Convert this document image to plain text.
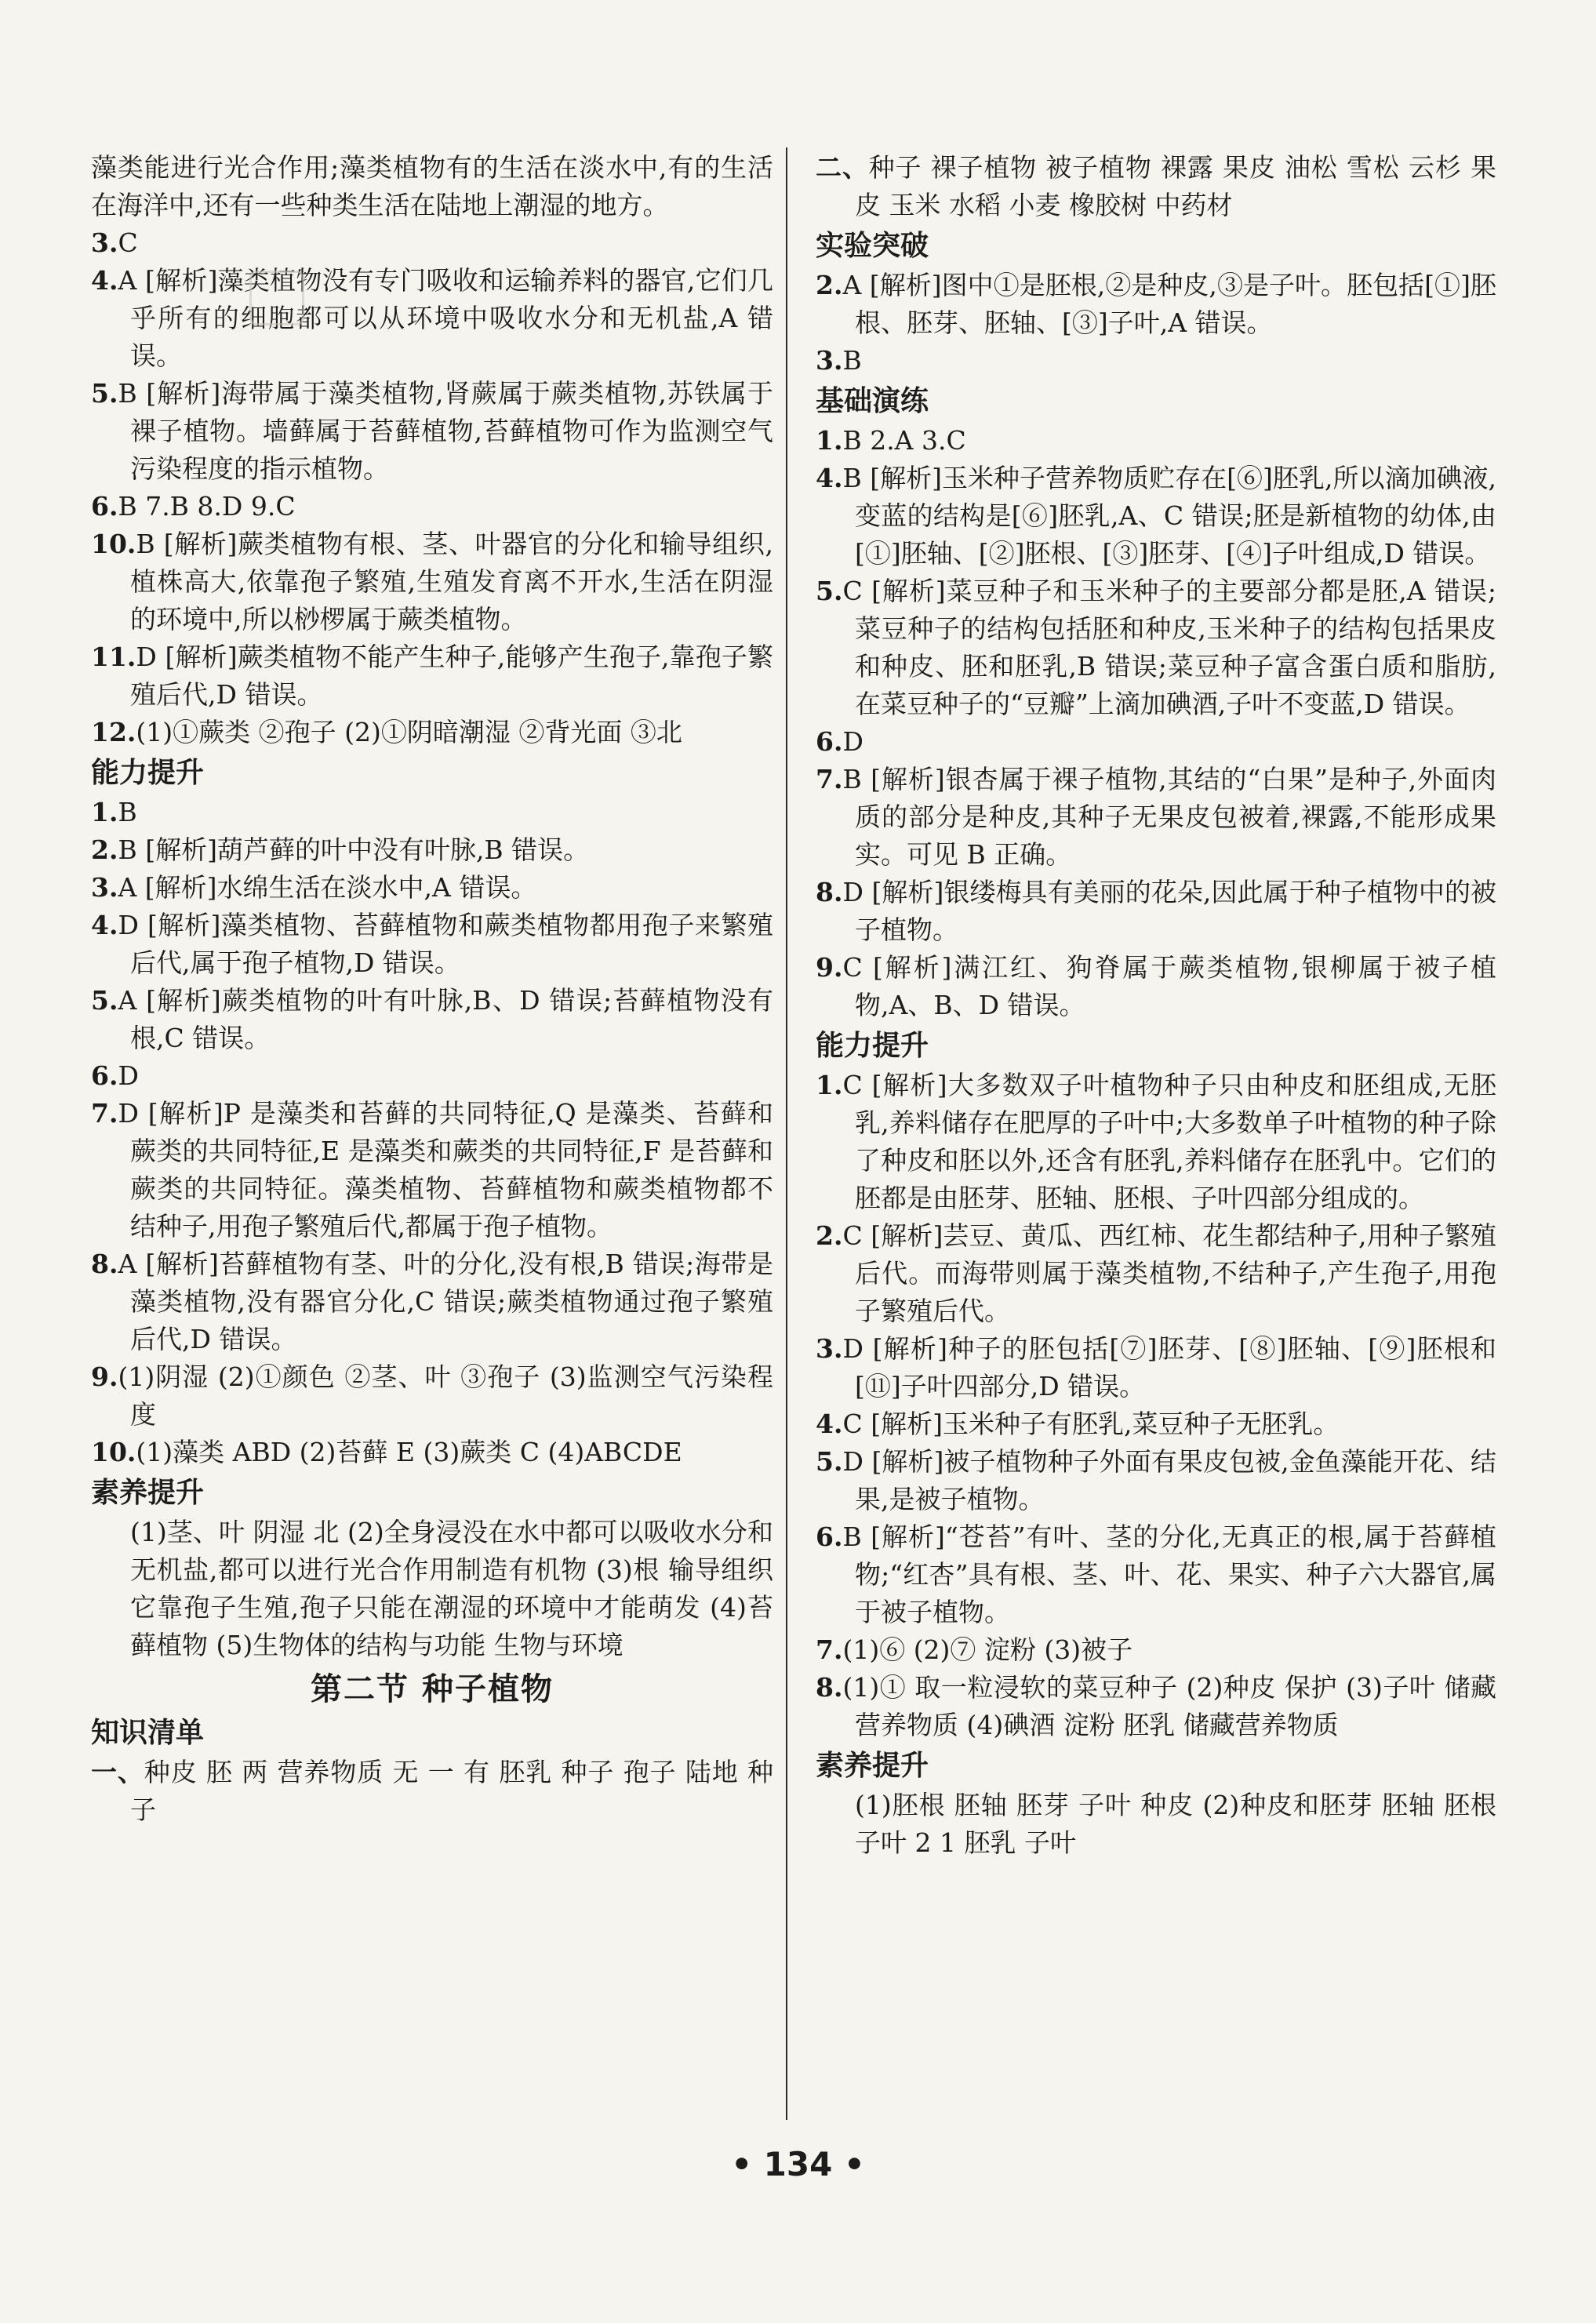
藻类能进行光合作用;藻类植物有的生活在淡水中,有的生活在海洋中,还有一些种类生活在陆地上潮湿的地方。

3.C

4.A [解析]藻类植物没有专门吸收和运输养料的器官,它们几乎所有的细胞都可以从环境中吸收水分和无机盐,A 错误。

5.B [解析]海带属于藻类植物,肾蕨属于蕨类植物,苏铁属于裸子植物。墙藓属于苔藓植物,苔藓植物可作为监测空气污染程度的指示植物。

6.B 7.B 8.D 9.C

10.B [解析]蕨类植物有根、茎、叶器官的分化和输导组织,植株高大,依靠孢子繁殖,生殖发育离不开水,生活在阴湿的环境中,所以桫椤属于蕨类植物。

11.D [解析]蕨类植物不能产生种子,能够产生孢子,靠孢子繁殖后代,D 错误。

12.(1)①蕨类 ②孢子 (2)①阴暗潮湿 ②背光面 ③北

能力提升

1.B

2.B [解析]葫芦藓的叶中没有叶脉,B 错误。

3.A [解析]水绵生活在淡水中,A 错误。

4.D [解析]藻类植物、苔藓植物和蕨类植物都用孢子来繁殖后代,属于孢子植物,D 错误。

5.A [解析]蕨类植物的叶有叶脉,B、D 错误;苔藓植物没有根,C 错误。

6.D

7.D [解析]P 是藻类和苔藓的共同特征,Q 是藻类、苔藓和蕨类的共同特征,E 是藻类和蕨类的共同特征,F 是苔藓和蕨类的共同特征。藻类植物、苔藓植物和蕨类植物都不结种子,用孢子繁殖后代,都属于孢子植物。

8.A [解析]苔藓植物有茎、叶的分化,没有根,B 错误;海带是藻类植物,没有器官分化,C 错误;蕨类植物通过孢子繁殖后代,D 错误。

9.(1)阴湿 (2)①颜色 ②茎、叶 ③孢子 (3)监测空气污染程度

10.(1)藻类 ABD (2)苔藓 E (3)蕨类 C (4)ABCDE

素养提升

(1)茎、叶 阴湿 北 (2)全身浸没在水中都可以吸收水分和无机盐,都可以进行光合作用制造有机物 (3)根 输导组织 它靠孢子生殖,孢子只能在潮湿的环境中才能萌发 (4)苔藓植物 (5)生物体的结构与功能 生物与环境

第二节 种子植物

知识清单

一、种皮 胚 两 营养物质 无 一 有 胚乳 种子 孢子 陆地 种子

二、种子 裸子植物 被子植物 裸露 果皮 油松 雪松 云杉 果皮 玉米 水稻 小麦 橡胶树 中药材

实验突破

2.A [解析]图中①是胚根,②是种皮,③是子叶。胚包括[①]胚根、胚芽、胚轴、[③]子叶,A 错误。

3.B

基础演练

1.B 2.A 3.C

4.B [解析]玉米种子营养物质贮存在[⑥]胚乳,所以滴加碘液,变蓝的结构是[⑥]胚乳,A、C 错误;胚是新植物的幼体,由[①]胚轴、[②]胚根、[③]胚芽、[④]子叶组成,D 错误。

5.C [解析]菜豆种子和玉米种子的主要部分都是胚,A 错误;菜豆种子的结构包括胚和种皮,玉米种子的结构包括果皮和种皮、胚和胚乳,B 错误;菜豆种子富含蛋白质和脂肪,在菜豆种子的“豆瓣”上滴加碘酒,子叶不变蓝,D 错误。

6.D

7.B [解析]银杏属于裸子植物,其结的“白果”是种子,外面肉质的部分是种皮,其种子无果皮包被着,裸露,不能形成果实。可见 B 正确。

8.D [解析]银缕梅具有美丽的花朵,因此属于种子植物中的被子植物。

9.C [解析]满江红、狗脊属于蕨类植物,银柳属于被子植物,A、B、D 错误。

能力提升

1.C [解析]大多数双子叶植物种子只由种皮和胚组成,无胚乳,养料储存在肥厚的子叶中;大多数单子叶植物的种子除了种皮和胚以外,还含有胚乳,养料储存在胚乳中。它们的胚都是由胚芽、胚轴、胚根、子叶四部分组成的。

2.C [解析]芸豆、黄瓜、西红柿、花生都结种子,用种子繁殖后代。而海带则属于藻类植物,不结种子,产生孢子,用孢子繁殖后代。

3.D [解析]种子的胚包括[⑦]胚芽、[⑧]胚轴、[⑨]胚根和[⑪]子叶四部分,D 错误。

4.C [解析]玉米种子有胚乳,菜豆种子无胚乳。

5.D [解析]被子植物种子外面有果皮包被,金鱼藻能开花、结果,是被子植物。

6.B [解析]“苍苔”有叶、茎的分化,无真正的根,属于苔藓植物;“红杏”具有根、茎、叶、花、果实、种子六大器官,属于被子植物。

7.(1)⑥ (2)⑦ 淀粉 (3)被子

8.(1)① 取一粒浸软的菜豆种子 (2)种皮 保护 (3)子叶 储藏营养物质 (4)碘酒 淀粉 胚乳 储藏营养物质

素养提升

(1)胚根 胚轴 胚芽 子叶 种皮 (2)种皮和胚芽 胚轴 胚根 子叶 2 1 胚乳 子叶

• 134 •
